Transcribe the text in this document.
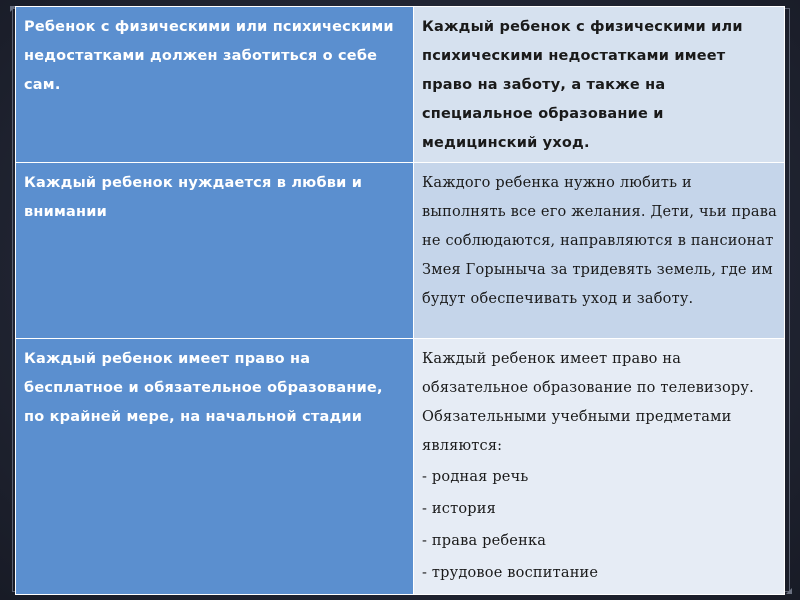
Ребенок с физическими или психическими недостатками должен заботиться о себе сам.	Каждый ребенок с физическими или психическими недостатками имеет право на заботу, а также на специальное образование и медицинский уход.
Каждый ребенок нуждается в любви и внимании	Каждого ребенка нужно любить и выполнять все его желания. Дети, чьи права не соблюдаются, направляются в пансионат Змея Горыныча за тридевять земель, где им будут обеспечивать уход и заботу.
Каждый ребенок имеет право на бесплатное и обязательное образование, по крайней мере, на начальной стадии	Каждый ребенок имеет право на обязательное образование по телевизору. Обязательными учебными предметами являются:
- родная речь
- история
- права ребенка
- трудовое воспитание
